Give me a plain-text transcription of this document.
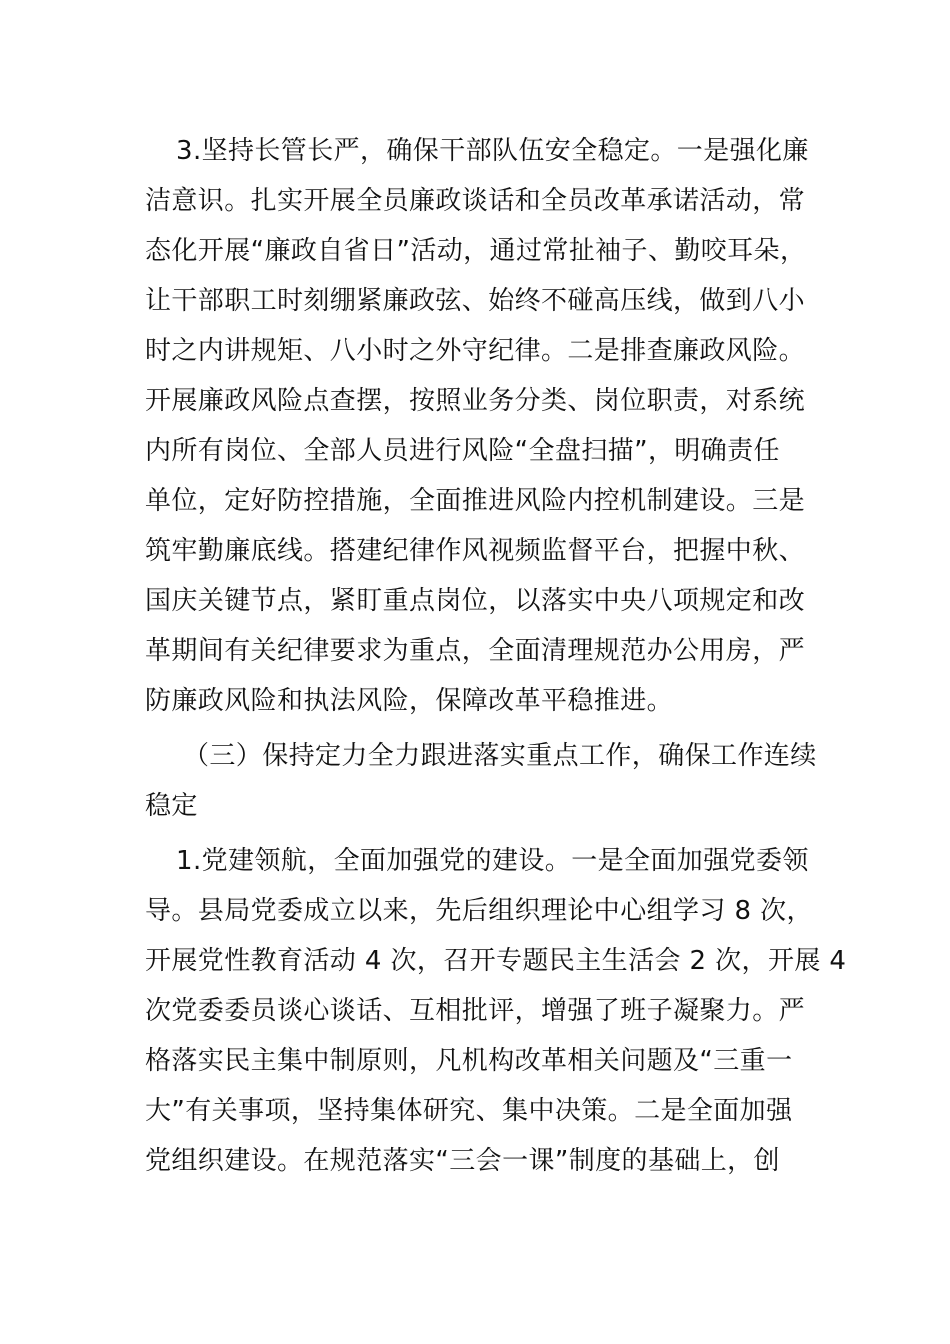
3.坚持长管长严，确保干部队伍安全稳定。一是强化廉
洁意识。扎实开展全员廉政谈话和全员改革承诺活动，常
态化开展“廉政自省日”活动，通过常扯袖子、勤咬耳朵，
让干部职工时刻绷紧廉政弦、始终不碰高压线，做到八小
时之内讲规矩、八小时之外守纪律。二是排查廉政风险。
开展廉政风险点查摆，按照业务分类、岗位职责，对系统
内所有岗位、全部人员进行风险“全盘扫描”，明确责任
单位，定好防控措施，全面推进风险内控机制建设。三是
筑牢勤廉底线。搭建纪律作风视频监督平台，把握中秋、
国庆关键节点，紧盯重点岗位，以落实中央八项规定和改
革期间有关纪律要求为重点，全面清理规范办公用房，严
防廉政风险和执法风险，保障改革平稳推进。
（三）保持定力全力跟进落实重点工作，确保工作连续
稳定
1.党建领航，全面加强党的建设。一是全面加强党委领
导。县局党委成立以来，先后组织理论中心组学习 8 次，
开展党性教育活动 4 次，召开专题民主生活会 2 次，开展 4
次党委委员谈心谈话、互相批评，增强了班子凝聚力。严
格落实民主集中制原则，凡机构改革相关问题及“三重一
大”有关事项，坚持集体研究、集中决策。二是全面加强
党组织建设。在规范落实“三会一课”制度的基础上，创
